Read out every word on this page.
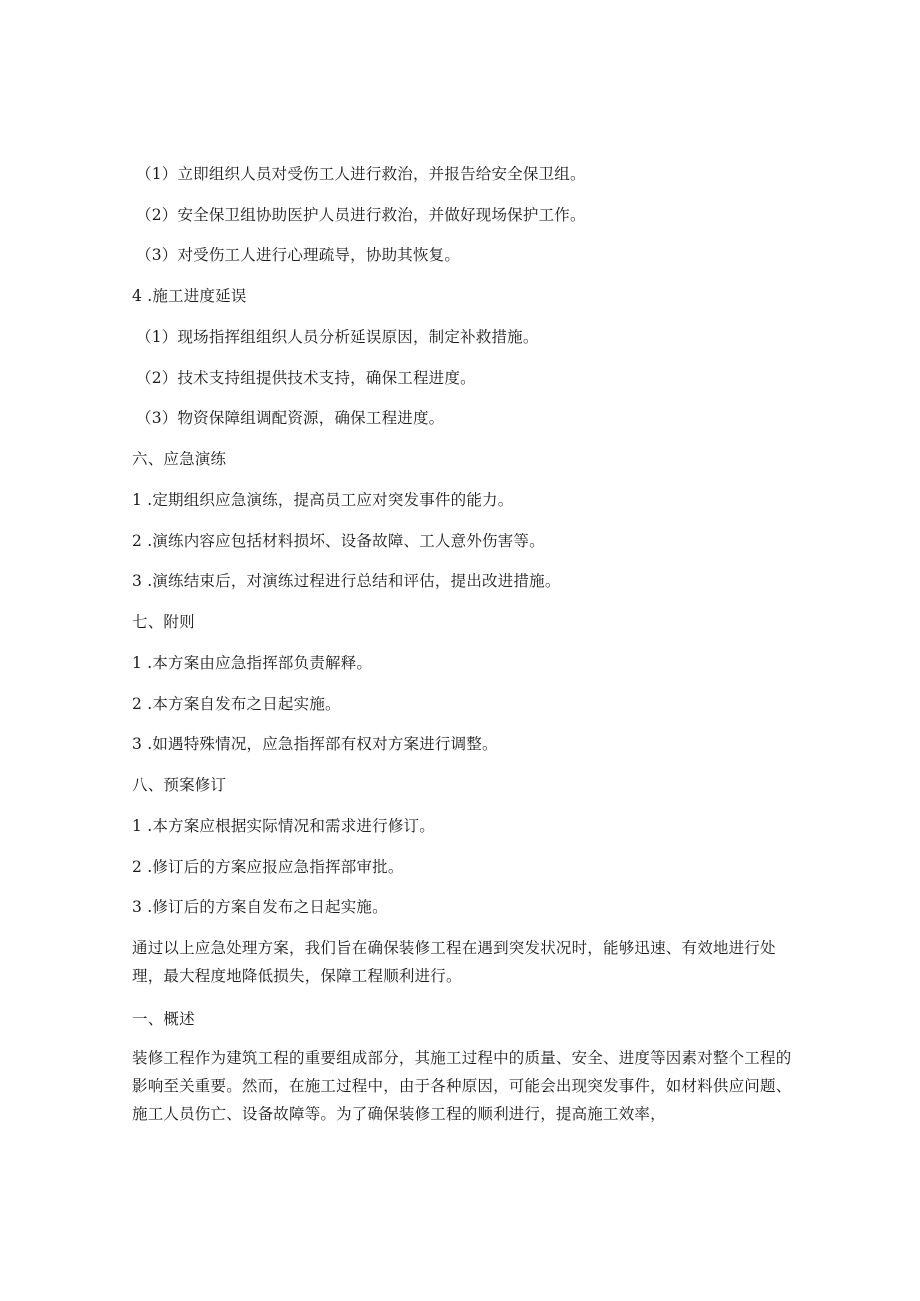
（1）立即组织人员对受伤工人进行救治，并报告给安全保卫组。
（2）安全保卫组协助医护人员进行救治，并做好现场保护工作。
（3）对受伤工人进行心理疏导，协助其恢复。
4 .施工进度延误
（1）现场指挥组组织人员分析延误原因，制定补救措施。
（2）技术支持组提供技术支持，确保工程进度。
（3）物资保障组调配资源，确保工程进度。
六、应急演练
1 .定期组织应急演练，提高员工应对突发事件的能力。
2 .演练内容应包括材料损坏、设备故障、工人意外伤害等。
3 .演练结束后，对演练过程进行总结和评估，提出改进措施。
七、附则
1 .本方案由应急指挥部负责解释。
2 .本方案自发布之日起实施。
3 .如遇特殊情况，应急指挥部有权对方案进行调整。
八、预案修订
1 .本方案应根据实际情况和需求进行修订。
2 .修订后的方案应报应急指挥部审批。
3 .修订后的方案自发布之日起实施。
通过以上应急处理方案，我们旨在确保装修工程在遇到突发状况时，能够迅速、有效地进行处理，最大程度地降低损失，保障工程顺利进行。
一、概述
装修工程作为建筑工程的重要组成部分，其施工过程中的质量、安全、进度等因素对整个工程的影响至关重要。然而，在施工过程中，由于各种原因，可能会出现突发事件，如材料供应问题、施工人员伤亡、设备故障等。为了确保装修工程的顺利进行，提高施工效率，
